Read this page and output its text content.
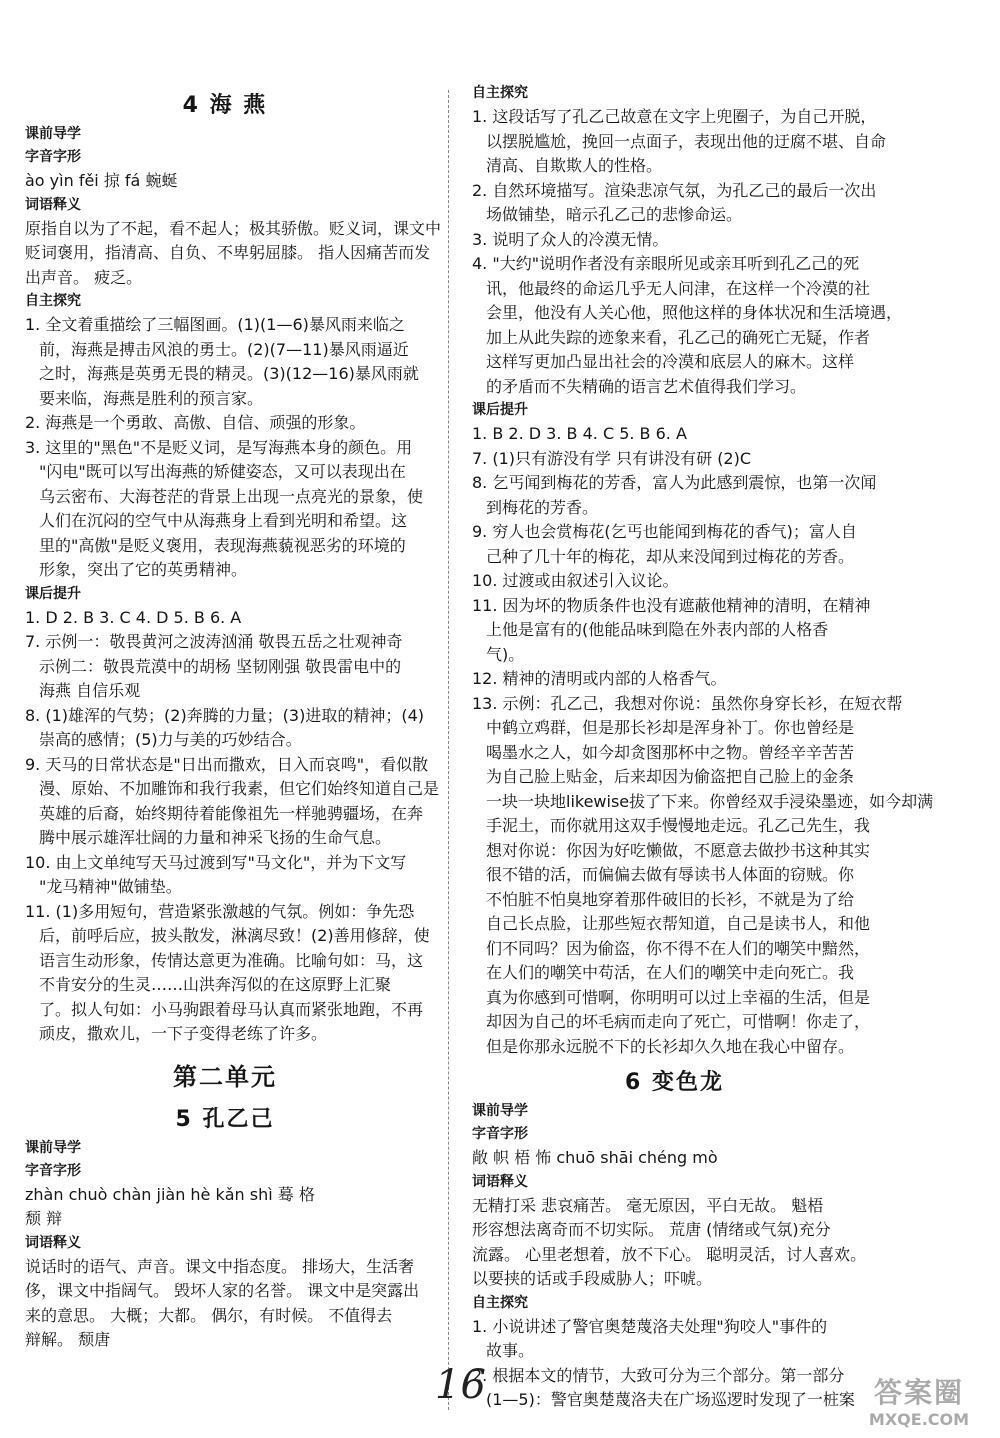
4 海 燕
课前导学
字音字形
ào yìn fěi 掠 fá 蜿蜒
词语释义
原指自以为了不起，看不起人；极其骄傲。贬义词，课文中
贬词褒用，指清高、自负、不卑躬屈膝。 指人因痛苦而发
出声音。 疲乏。
自主探究
1. 全文着重描绘了三幅图画。(1)(1—6)暴风雨来临之
前，海燕是搏击风浪的勇士。(2)(7—11)暴风雨逼近
之时，海燕是英勇无畏的精灵。(3)(12—16)暴风雨就
要来临，海燕是胜利的预言家。
2. 海燕是一个勇敢、高傲、自信、顽强的形象。
3. 这里的"黑色"不是贬义词，是写海燕本身的颜色。用
"闪电"既可以写出海燕的矫健姿态，又可以表现出在
乌云密布、大海苍茫的背景上出现一点亮光的景象，使
人们在沉闷的空气中从海燕身上看到光明和希望。这
里的"高傲"是贬义褒用，表现海燕藐视恶劣的环境的
形象，突出了它的英勇精神。
课后提升
1. D 2. B 3. C 4. D 5. B 6. A
7. 示例一：敬畏黄河之波涛汹涌 敬畏五岳之壮观神奇
示例二：敬畏荒漠中的胡杨 坚韧刚强 敬畏雷电中的
海燕 自信乐观
8. (1)雄浑的气势；(2)奔腾的力量；(3)进取的精神；(4)
崇高的感情；(5)力与美的巧妙结合。
9. 天马的日常状态是"日出而撒欢，日入而哀鸣"，看似散
漫、原始、不加雕饰和我行我素，但它们始终知道自己是
英雄的后裔，始终期待着能像祖先一样驰骋疆场，在奔
腾中展示雄浑壮阔的力量和神采飞扬的生命气息。
10. 由上文单纯写天马过渡到写"马文化"，并为下文写
"龙马精神"做铺垫。
11. (1)多用短句，营造紧张激越的气氛。例如：争先恐
后，前呼后应，披头散发，淋漓尽致！(2)善用修辞，使
语言生动形象，传情达意更为准确。比喻句如：马，这
不肯安分的生灵……山洪奔泻似的在这原野上汇聚
了。拟人句如：小马驹跟着母马认真而紧张地跑，不再
顽皮，撒欢儿，一下子变得老练了许多。
第二单元
5 孔乙己
课前导学
字音字形
zhàn chuò chàn jiàn hè kǎn shì 蓦 格
颓 辩
词语释义
说话时的语气、声音。课文中指态度。 排场大，生活奢
侈，课文中指阔气。 毁坏人家的名誉。 课文中是突露出
来的意思。 大概；大都。 偶尔，有时候。 不值得去
辩解。 颓唐
自主探究
1. 这段话写了孔乙己故意在文字上兜圈子，为自己开脱，
以摆脱尴尬，挽回一点面子，表现出他的迂腐不堪、自命
清高、自欺欺人的性格。
2. 自然环境描写。渲染悲凉气氛，为孔乙己的最后一次出
场做铺垫，暗示孔乙己的悲惨命运。
3. 说明了众人的冷漠无情。
4. "大约"说明作者没有亲眼所见或亲耳听到孔乙己的死
讯，他最终的命运几乎无人问津，在这样一个冷漠的社
会里，他没有人关心他，照他这样的身体状况和生活境遇，
加上从此失踪的迹象来看，孔乙己的确死亡无疑，作者
这样写更加凸显出社会的冷漠和底层人的麻木。这样
的矛盾而不失精确的语言艺术值得我们学习。
课后提升
1. B 2. D 3. B 4. C 5. B 6. A
7. (1)只有游没有学 只有讲没有研 (2)C
8. 乞丐闻到梅花的芳香，富人为此感到震惊，也第一次闻
到梅花的芳香。
9. 穷人也会赏梅花(乞丐也能闻到梅花的香气)；富人自
己种了几十年的梅花，却从来没闻到过梅花的芳香。
10. 过渡或由叙述引入议论。
11. 因为坏的物质条件也没有遮蔽他精神的清明，在精神
上他是富有的(他能品味到隐在外表内部的人格香
气)。
12. 精神的清明或内部的人格香气。
13. 示例：孔乙己，我想对你说：虽然你身穿长衫，在短衣帮
中鹤立鸡群，但是那长衫却是浑身补丁。你也曾经是
喝墨水之人，如今却贪图那杯中之物。曾经辛辛苦苦
为自己脸上贴金，后来却因为偷盗把自己脸上的金条
一块一块地likewise拔了下来。你曾经双手浸染墨迹，如今却满
手泥土，而你就用这双手慢慢地走远。孔乙己先生，我
想对你说：你因为好吃懒做，不愿意去做抄书这种其实
很不错的活，而偏偏去做有辱读书人体面的窃贼。你
不怕脏不怕臭地穿着那件破旧的长衫，不就是为了给
自己长点脸，让那些短衣帮知道，自己是读书人，和他
们不同吗？因为偷盗，你不得不在人们的嘲笑中黯然，
在人们的嘲笑中苟活，在人们的嘲笑中走向死亡。我
真为你感到可惜啊，你明明可以过上幸福的生活，但是
却因为自己的坏毛病而走向了死亡，可惜啊！你走了，
但是你那永远脱不下的长衫却久久地在我心中留存。
6 变色龙
课前导学
字音字形
敞 帜 梧 怖 chuō shāi chéng mò
词语释义
无精打采 悲哀痛苦。 毫无原因，平白无故。 魁梧
形容想法离奇而不切实际。 荒唐 (情绪或气氛)充分
流露。 心里老想着，放不下心。 聪明灵活，讨人喜欢。
以要挟的话或手段威胁人；吓唬。
自主探究
1. 小说讲述了警官奥楚蔑洛夫处理"狗咬人"事件的
故事。
2. 根据本文的情节，大致可分为三个部分。第一部分
(1—5)：警官奥楚蔑洛夫在广场巡逻时发现了一桩案
16	答案圈
MXQE.COM
